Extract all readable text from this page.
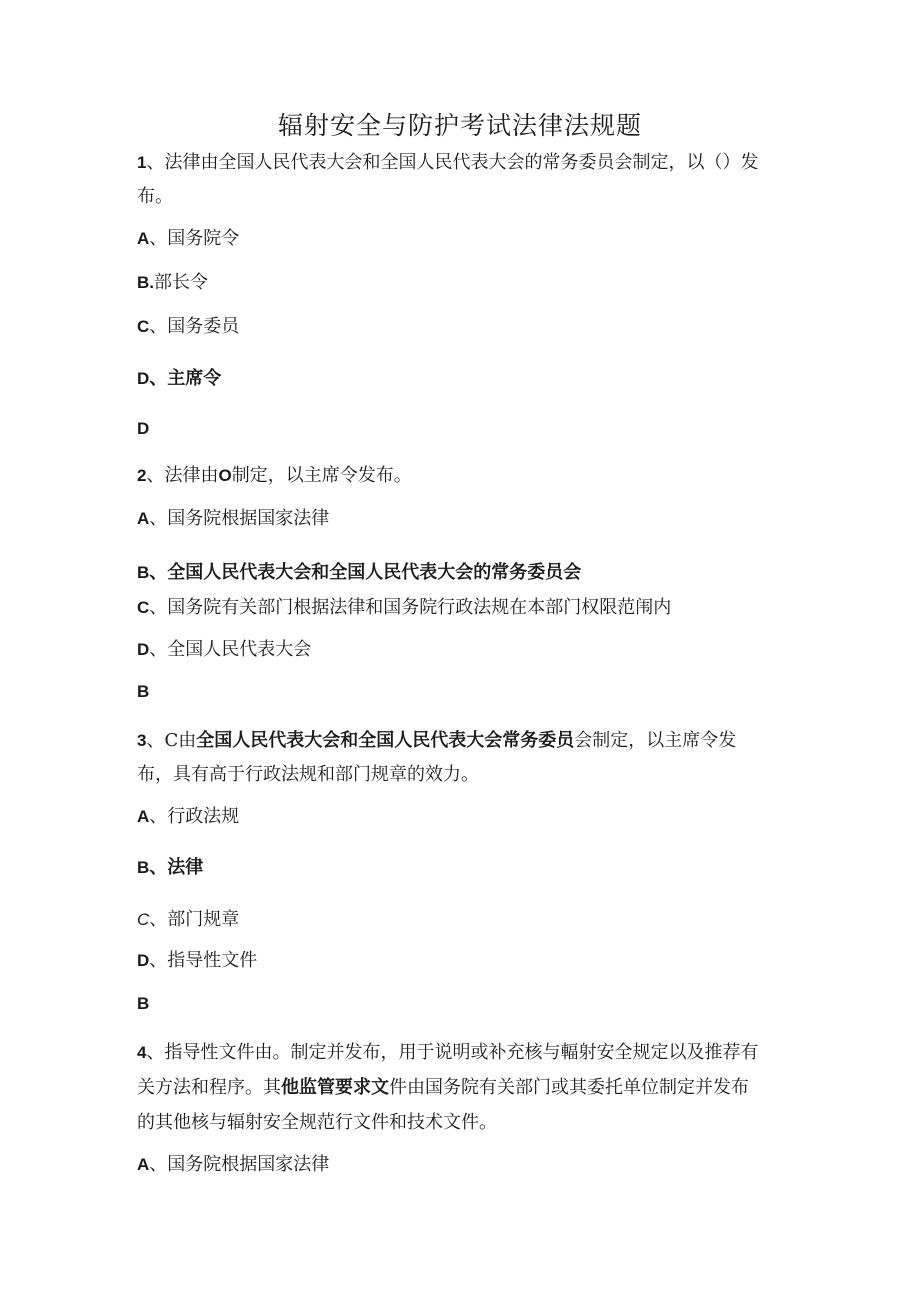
辐射安全与防护考试法律法规题
1、法律由全国人民代表大会和全国人民代表大会的常务委员会制定，以（）发
布。
A、国务院令
B.部长令
C、国务委员
D、主席令
D
2、法律由O制定，以主席令发布。
A、国务院根据国家法律
B、全国人民代表大会和全国人民代表大会的常务委员会
C、国务院有关部门根据法律和国务院行政法规在本部门权限范闱内
D、全国人民代表大会
B
3、C由全国人民代表大会和全国人民代表大会常务委员会制定，以主席令发
布，具有高于行政法规和部门规章的效力。
A、行政法规
B、法律
C、部门规章
D、指导性文件
B
4、指导性文件由。制定并发布，用于说明或补充核与輻射安全规定以及推荐有
关方法和程序。其他监管要求文件由国务院有关部门或其委托单位制定并发布
的其他核与辐射安全规范行文件和技术文件。
A、国务院根据国家法律
